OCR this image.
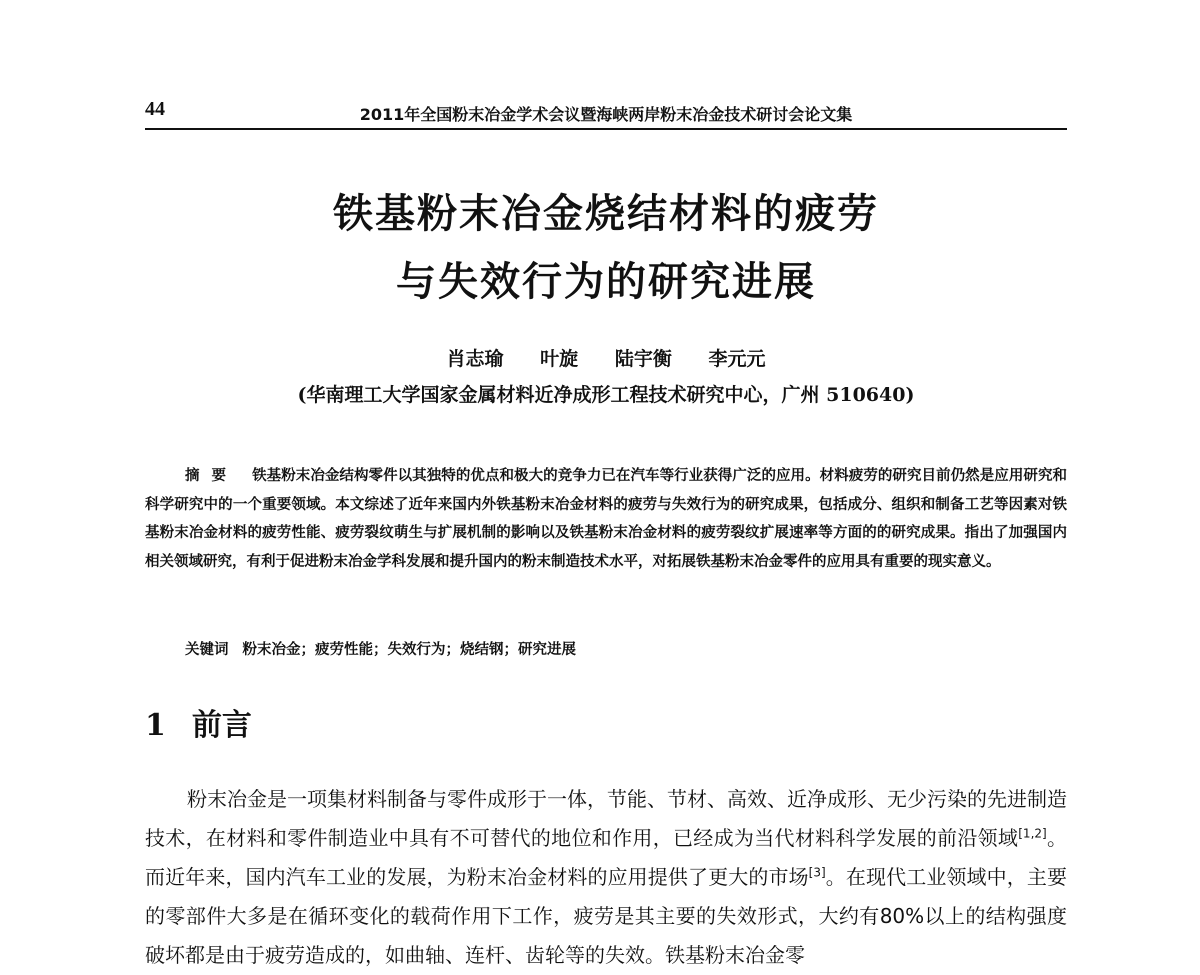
44	2011年全国粉末冶金学术会议暨海峡两岸粉末冶金技术研讨会论文集

铁基粉末冶金烧结材料的疲劳

与失效行为的研究进展

肖志瑜 叶旋 陆宇衡 李元元
(华南理工大学国家金属材料近净成形工程技术研究中心，广州 510640)

摘要 铁基粉末冶金结构零件以其独特的优点和极大的竞争力已在汽车等行业获得广泛的应用。材料疲劳的研究目前仍然是应用研究和科学研究中的一个重要领域。本文综述了近年来国内外铁基粉末冶金材料的疲劳与失效行为的研究成果，包括成分、组织和制备工艺等因素对铁基粉末冶金材料的疲劳性能、疲劳裂纹萌生与扩展机制的影响以及铁基粉末冶金材料的疲劳裂纹扩展速率等方面的的研究成果。指出了加强国内相关领域研究，有利于促进粉末冶金学科发展和提升国内的粉末制造技术水平，对拓展铁基粉末冶金零件的应用具有重要的现实意义。

关键词 粉末冶金；疲劳性能；失效行为；烧结钢；研究进展
1 前言

粉末冶金是一项集材料制备与零件成形于一体，节能、节材、高效、近净成形、无少污染的先进制造技术，在材料和零件制造业中具有不可替代的地位和作用，已经成为当代材料科学发展的前沿领域[1,2]。而近年来，国内汽车工业的发展，为粉末冶金材料的应用提供了更大的市场[3]。在现代工业领域中，主要的零部件大多是在循环变化的载荷作用下工作，疲劳是其主要的失效形式，大约有80%以上的结构强度破坏都是由于疲劳造成的，如曲轴、连杆、齿轮等的失效。铁基粉末冶金零
